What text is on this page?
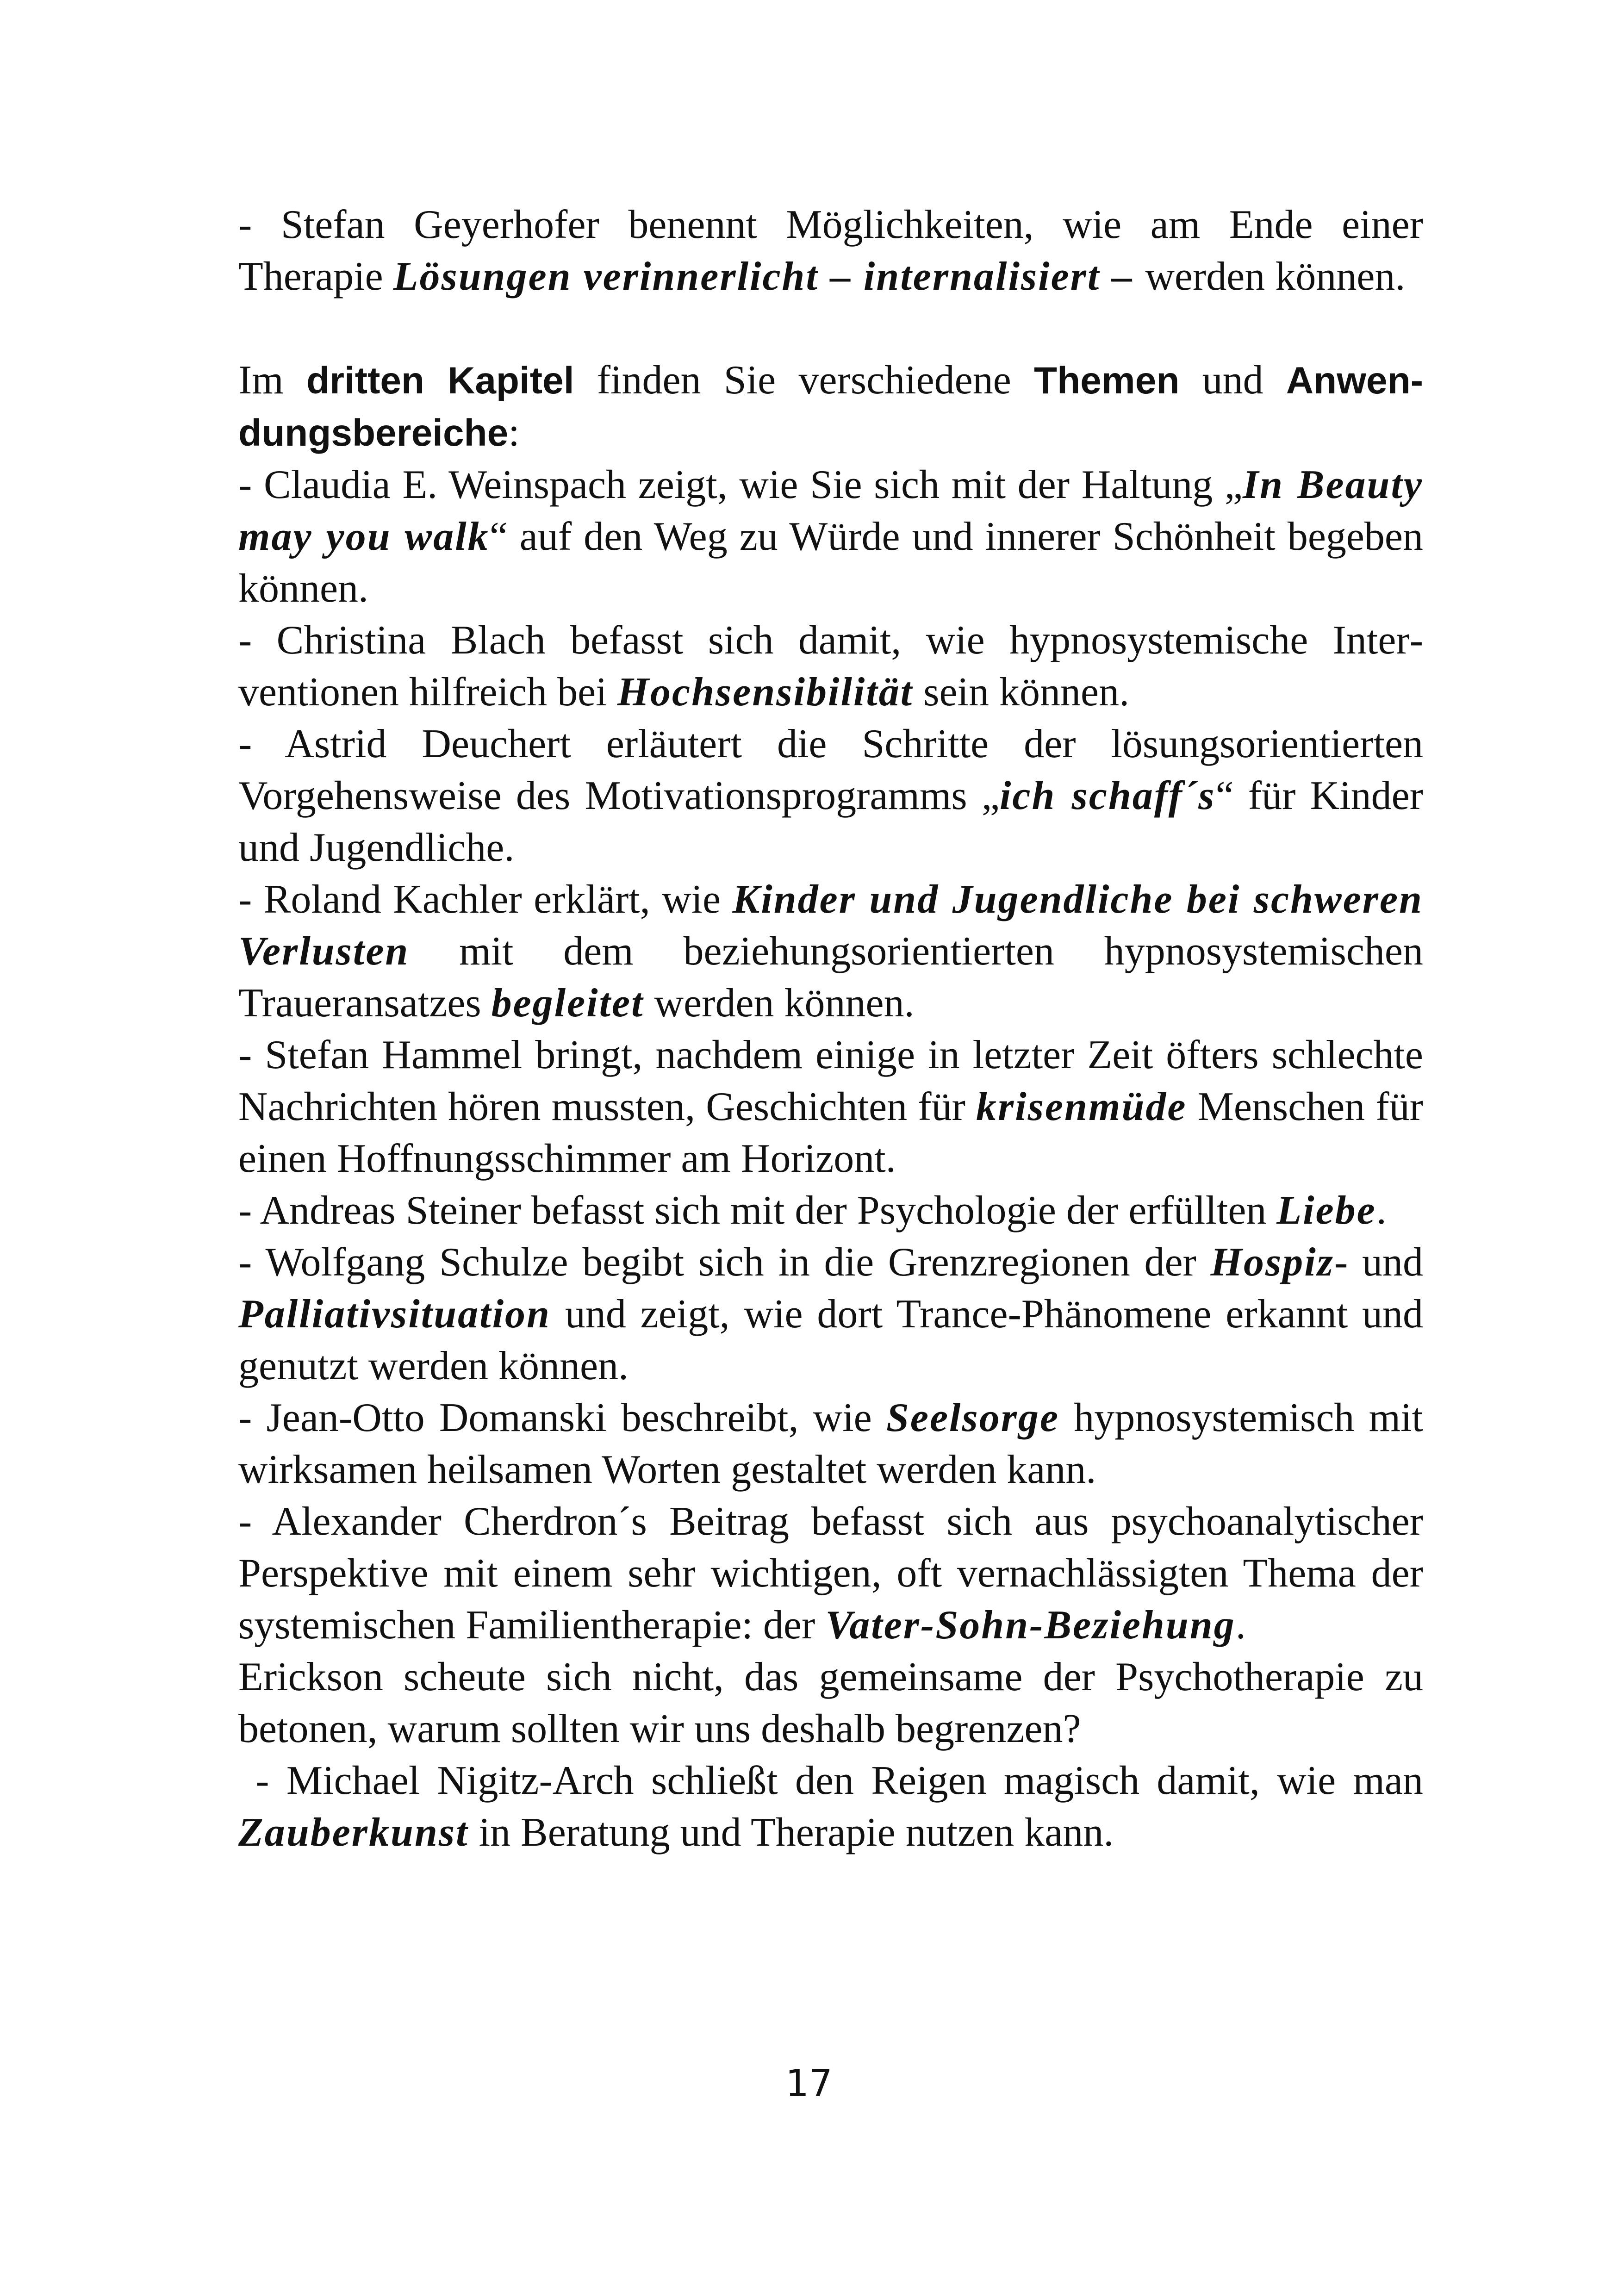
- Stefan Geyerhofer benennt Möglichkeiten, wie am Ende einer Therapie Lösungen verinnerlicht – internalisiert – werden können.

Im dritten Kapitel finden Sie verschiedene Themen und Anwendungsbereiche:

- Claudia E. Weinspach zeigt, wie Sie sich mit der Haltung „In Beauty may you walk“ auf den Weg zu Würde und innerer Schönheit begeben können.

- Christina Blach befasst sich damit, wie hypnosystemische Interventionen hilfreich bei Hochsensibilität sein können.

- Astrid Deuchert erläutert die Schritte der lösungsorientierten Vorgehensweise des Motivationsprogramms „ich schaff´s“ für Kinder und Jugendliche.

- Roland Kachler erklärt, wie Kinder und Jugendliche bei schweren Verlusten mit dem beziehungsorientierten hypnosystemischen Traueransatzes begleitet werden können.

- Stefan Hammel bringt, nachdem einige in letzter Zeit öfters schlechte Nachrichten hören mussten, Geschichten für krisenmüde Menschen für einen Hoffnungsschimmer am Horizont.

- Andreas Steiner befasst sich mit der Psychologie der erfüllten Liebe.

- Wolfgang Schulze begibt sich in die Grenzregionen der Hospiz- und Palliativsituation und zeigt, wie dort Trance-Phänomene erkannt und genutzt werden können.

- Jean-Otto Domanski beschreibt, wie Seelsorge hypnosystemisch mit wirksamen heilsamen Worten gestaltet werden kann.

- Alexander Cherdron´s Beitrag befasst sich aus psychoanalytischer Perspektive mit einem sehr wichtigen, oft vernachlässigten Thema der systemischen Familientherapie: der Vater-Sohn-Beziehung.

Erickson scheute sich nicht, das gemeinsame der Psychotherapie zu betonen, warum sollten wir uns deshalb begrenzen?

- Michael Nigitz-Arch schließt den Reigen magisch damit, wie man Zauberkunst in Beratung und Therapie nutzen kann.

17
